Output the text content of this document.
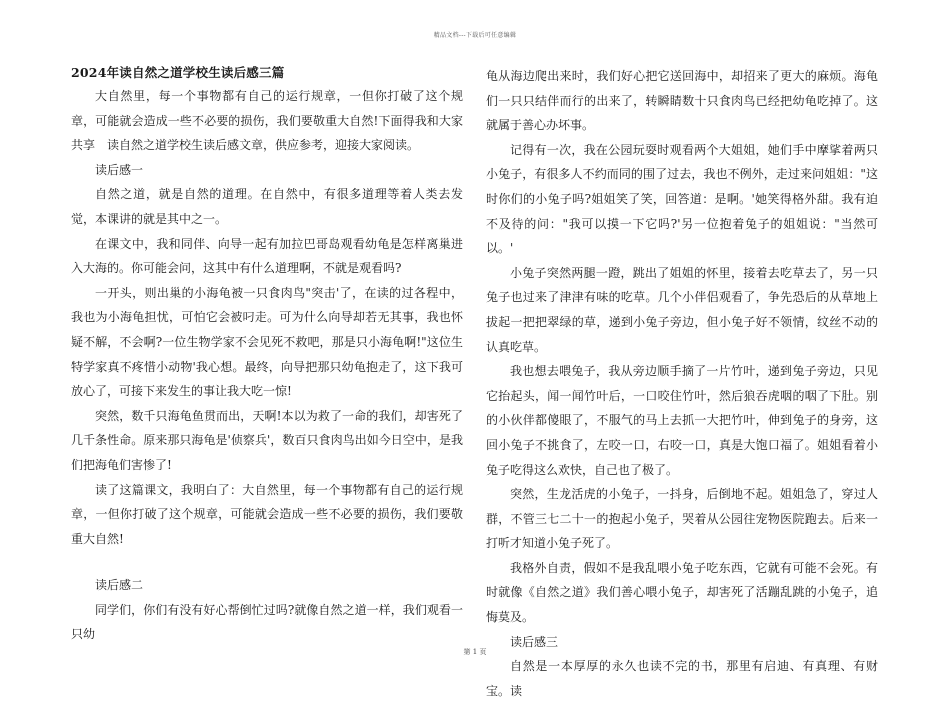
精品文档---下载后可任意编辑
2024年读自然之道学校生读后感三篇

大自然里，每一个事物都有自己的运行规章，一但你打破了这个规章，可能就会造成一些不必要的损伤，我们要敬重大自然!下面得我和大家共享　读自然之道学校生读后感文章，供应参考，迎接大家阅读。

读后感一

自然之道，就是自然的道理。在自然中，有很多道理等着人类去发觉，本课讲的就是其中之一。

在课文中，我和同伴、向导一起有加拉巴哥岛观看幼龟是怎样离巢进入大海的。你可能会问，这其中有什么道理啊，不就是观看吗?

一开头，则出巢的小海龟被一只食肉鸟"突击'了，在读的过各程中，我也为小海龟担忧，可怕它会被叼走。可为什么向导却若无其事，我也怀疑不解，不会啊?一位生物学家不会见死不救吧，那是只小海龟啊!"这位生特学家真不疼惜小动物'我心想。最终，向导把那只幼龟抱走了，这下我可放心了，可接下来发生的事让我大吃一惊!

突然，数千只海龟鱼贯而出，天啊!本以为救了一命的我们，却害死了几千条性命。原来那只海龟是'侦察兵'，数百只食肉鸟出如今日空中，是我们把海龟们害惨了!

读了这篇课文，我明白了：大自然里，每一个事物都有自己的运行规章，一但你打破了这个规章，可能就会造成一些不必要的损伤，我们要敬重大自然!

读后感二

同学们，你们有没有好心帮倒忙过吗?就像自然之道一样，我们观看一只幼

龟从海边爬出来时，我们好心把它送回海中，却招来了更大的麻烦。海龟们一只只结伴而行的出来了，转瞬睛数十只食肉鸟已经把幼龟吃掉了。这就属于善心办坏事。

记得有一次，我在公园玩耍时观看两个大姐姐，她们手中摩挲着两只小兔子，有很多人不约而同的围了过去，我也不例外，走过来问姐姐："这时你们的小兔子吗?姐姐笑了笑，回答道：是啊。'她笑得格外甜。我有迫不及待的问："我可以摸一下它吗?'另一位抱着兔子的姐姐说："当然可以。'

小兔子突然两腿一蹬，跳出了姐姐的怀里，接着去吃草去了，另一只兔子也过来了津津有味的吃草。几个小伴侣观看了，争先恐后的从草地上拔起一把把翠绿的草，递到小兔子旁边，但小兔子好不领情，纹丝不动的认真吃草。

我也想去喂兔子，我从旁边顺手摘了一片竹叶，递到兔子旁边，只见它抬起头，闻一闻竹叶后，一口咬住竹叶，然后狼吞虎咽的咽了下肚。别的小伙伴都傻眼了，不服气的马上去抓一大把竹叶，伸到兔子的身旁，这回小兔子不挑食了，左咬一口，右咬一口，真是大饱口福了。姐姐看着小兔子吃得这么欢快，自己也了极了。

突然，生龙活虎的小兔子，一抖身，后倒地不起。姐姐急了，穿过人群，不管三七二十一的抱起小兔子，哭着从公园往宠物医院跑去。后来一打听才知道小兔子死了。

我格外自责，假如不是我乱喂小兔子吃东西，它就有可能不会死。有时就像《自然之道》我们善心喂小兔子，却害死了活蹦乱跳的小兔子，追悔莫及。

读后感三

自然是一本厚厚的永久也读不完的书，那里有启迪、有真理、有财宝。读

第 1 页
